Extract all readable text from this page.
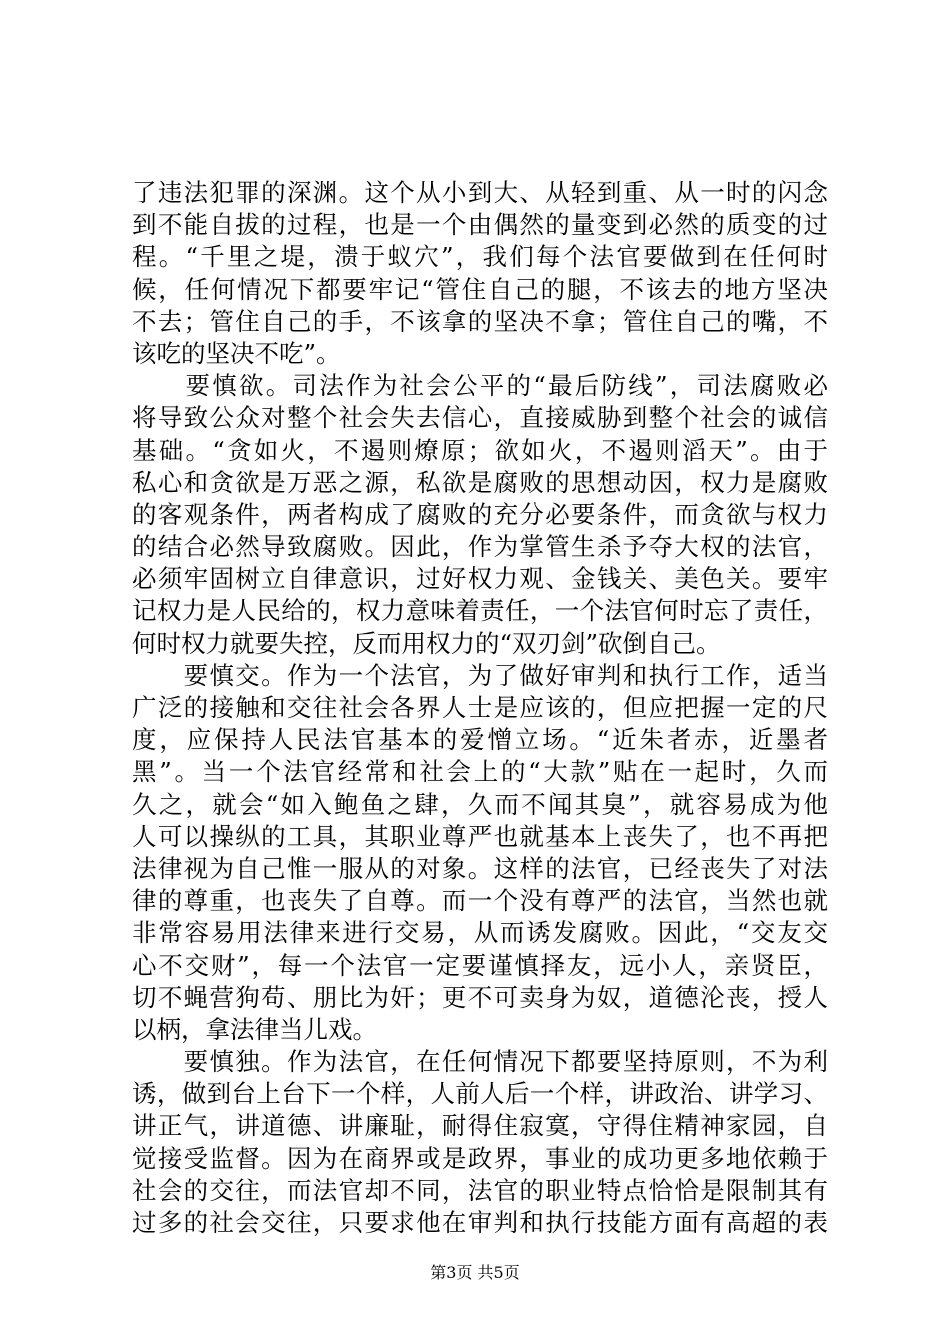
了违法犯罪的深渊。这个从小到大、从轻到重、从一时的闪念
到不能自拔的过程，也是一个由偶然的量变到必然的质变的过
程。“千里之堤，溃于蚁穴”，我们每个法官要做到在任何时
候，任何情况下都要牢记“管住自己的腿，不该去的地方坚决
不去；管住自己的手，不该拿的坚决不拿；管住自己的嘴，不
该吃的坚决不吃”。
　　要慎欲。司法作为社会公平的“最后防线”，司法腐败必
将导致公众对整个社会失去信心，直接威胁到整个社会的诚信
基础。“贪如火，不遏则燎原；欲如火，不遏则滔天”。由于
私心和贪欲是万恶之源，私欲是腐败的思想动因，权力是腐败
的客观条件，两者构成了腐败的充分必要条件，而贪欲与权力
的结合必然导致腐败。因此，作为掌管生杀予夺大权的法官，
必须牢固树立自律意识，过好权力观、金钱关、美色关。要牢
记权力是人民给的，权力意味着责任，一个法官何时忘了责任，
何时权力就要失控，反而用权力的“双刃剑”砍倒自己。
　　要慎交。作为一个法官，为了做好审判和执行工作，适当
广泛的接触和交往社会各界人士是应该的，但应把握一定的尺
度，应保持人民法官基本的爱憎立场。“近朱者赤，近墨者
黑”。当一个法官经常和社会上的“大款”贴在一起时，久而
久之，就会“如入鲍鱼之肆，久而不闻其臭”，就容易成为他
人可以操纵的工具，其职业尊严也就基本上丧失了，也不再把
法律视为自己惟一服从的对象。这样的法官，已经丧失了对法
律的尊重，也丧失了自尊。而一个没有尊严的法官，当然也就
非常容易用法律来进行交易，从而诱发腐败。因此，“交友交
心不交财”，每一个法官一定要谨慎择友，远小人，亲贤臣，
切不蝇营狗苟、朋比为奸；更不可卖身为奴，道德沦丧，授人
以柄，拿法律当儿戏。
　　要慎独。作为法官，在任何情况下都要坚持原则，不为利
诱，做到台上台下一个样，人前人后一个样，讲政治、讲学习、
讲正气，讲道德、讲廉耻，耐得住寂寞，守得住精神家园，自
觉接受监督。因为在商界或是政界，事业的成功更多地依赖于
社会的交往，而法官却不同，法官的职业特点恰恰是限制其有
过多的社会交往，只要求他在审判和执行技能方面有高超的表
第3页 共5页
